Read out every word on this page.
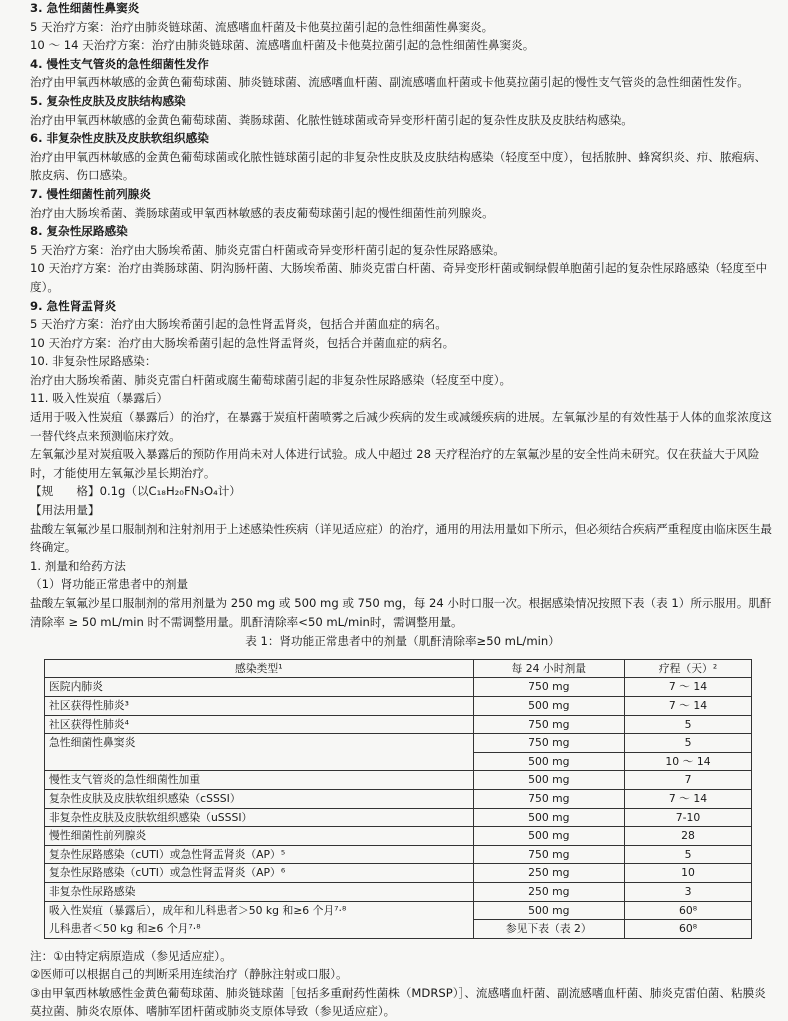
3. 急性细菌性鼻窦炎

5 天治疗方案：治疗由肺炎链球菌、流感嗜血杆菌及卡他莫拉菌引起的急性细菌性鼻窦炎。

10 ～ 14 天治疗方案：治疗由肺炎链球菌、流感嗜血杆菌及卡他莫拉菌引起的急性细菌性鼻窦炎。

4. 慢性支气管炎的急性细菌性发作

治疗由甲氧西林敏感的金黄色葡萄球菌、肺炎链球菌、流感嗜血杆菌、副流感嗜血杆菌或卡他莫拉菌引起的慢性支气管炎的急性细菌性发作。

5. 复杂性皮肤及皮肤结构感染

治疗由甲氧西林敏感的金黄色葡萄球菌、粪肠球菌、化脓性链球菌或奇异变形杆菌引起的复杂性皮肤及皮肤结构感染。

6. 非复杂性皮肤及皮肤软组织感染

治疗由甲氧西林敏感的金黄色葡萄球菌或化脓性链球菌引起的非复杂性皮肤及皮肤结构感染（轻度至中度），包括脓肿、蜂窝织炎、疖、脓疱病、脓皮病、伤口感染。

7. 慢性细菌性前列腺炎

治疗由大肠埃希菌、粪肠球菌或甲氧西林敏感的表皮葡萄球菌引起的慢性细菌性前列腺炎。

8. 复杂性尿路感染

5 天治疗方案：治疗由大肠埃希菌、肺炎克雷白杆菌或奇异变形杆菌引起的复杂性尿路感染。

10 天治疗方案：治疗由粪肠球菌、阴沟肠杆菌、大肠埃希菌、肺炎克雷白杆菌、奇异变形杆菌或铜绿假单胞菌引起的复杂性尿路感染（轻度至中度）。

9. 急性肾盂肾炎

5 天治疗方案：治疗由大肠埃希菌引起的急性肾盂肾炎，包括合并菌血症的病名。

10 天治疗方案：治疗由大肠埃希菌引起的急性肾盂肾炎，包括合并菌血症的病名。

10. 非复杂性尿路感染：

治疗由大肠埃希菌、肺炎克雷白杆菌或腐生葡萄球菌引起的非复杂性尿路感染（轻度至中度）。

11. 吸入性炭疽（暴露后）

适用于吸入性炭疽（暴露后）的治疗，在暴露于炭疽杆菌喷雾之后减少疾病的发生或减缓疾病的进展。左氧氟沙星的有效性基于人体的血浆浓度这一替代终点来预测临床疗效。

左氧氟沙星对炭疽吸入暴露后的预防作用尚未对人体进行试验。成人中超过 28 天疗程治疗的左氧氟沙星的安全性尚未研究。仅在获益大于风险时，才能使用左氧氟沙星长期治疗。

【规　　格】0.1g（以C₁₈H₂₀FN₃O₄计）

【用法用量】

盐酸左氧氟沙星口服制剂和注射剂用于上述感染性疾病（详见适应症）的治疗，通用的用法用量如下所示，但必须结合疾病严重程度由临床医生最终确定。

1. 剂量和给药方法

（1）肾功能正常患者中的剂量

盐酸左氧氟沙星口服制剂的常用剂量为 250 mg 或 500 mg 或 750 mg，每 24 小时口服一次。根据感染情况按照下表（表 1）所示服用。肌酐清除率 ≥ 50 mL/min 时不需调整用量。肌酐清除率<50 mL/min时，需调整用量。

表 1：肾功能正常患者中的剂量（肌酐清除率≥50 mL/min）
感染类型¹	每 24 小时剂量	疗程（天）²
医院内肺炎	750 mg	7 ～ 14
社区获得性肺炎³	500 mg	7 ～ 14
社区获得性肺炎⁴	750 mg	5
急性细菌性鼻窦炎	750 mg	5
	500 mg	10 ～ 14
慢性支气管炎的急性细菌性加重	500 mg	7
复杂性皮肤及皮肤软组织感染（cSSSI）	750 mg	7 ～ 14
非复杂性皮肤及皮肤软组织感染（uSSSI）	500 mg	7-10
慢性细菌性前列腺炎	500 mg	28
复杂性尿路感染（cUTI）或急性肾盂肾炎（AP）⁵	750 mg	5
复杂性尿路感染（cUTI）或急性肾盂肾炎（AP）⁶	250 mg	10
非复杂性尿路感染	250 mg	3
吸入性炭疽（暴露后），成年和儿科患者＞50 kg 和≥6 个月⁷·⁸	500 mg	60⁸
儿科患者＜50 kg 和≥6 个月⁷·⁸	参见下表（表 2）	60⁸

注：①由特定病原造成（参见适应症）。

②医师可以根据自己的判断采用连续治疗（静脉注射或口服）。

③由甲氧西林敏感性金黄色葡萄球菌、肺炎链球菌［包括多重耐药性菌株（MDRSP）］、流感嗜血杆菌、副流感嗜血杆菌、肺炎克雷伯菌、粘膜炎莫拉菌、肺炎农原体、嗜肺军团杆菌或肺炎支原体导致（参见适应症）。
